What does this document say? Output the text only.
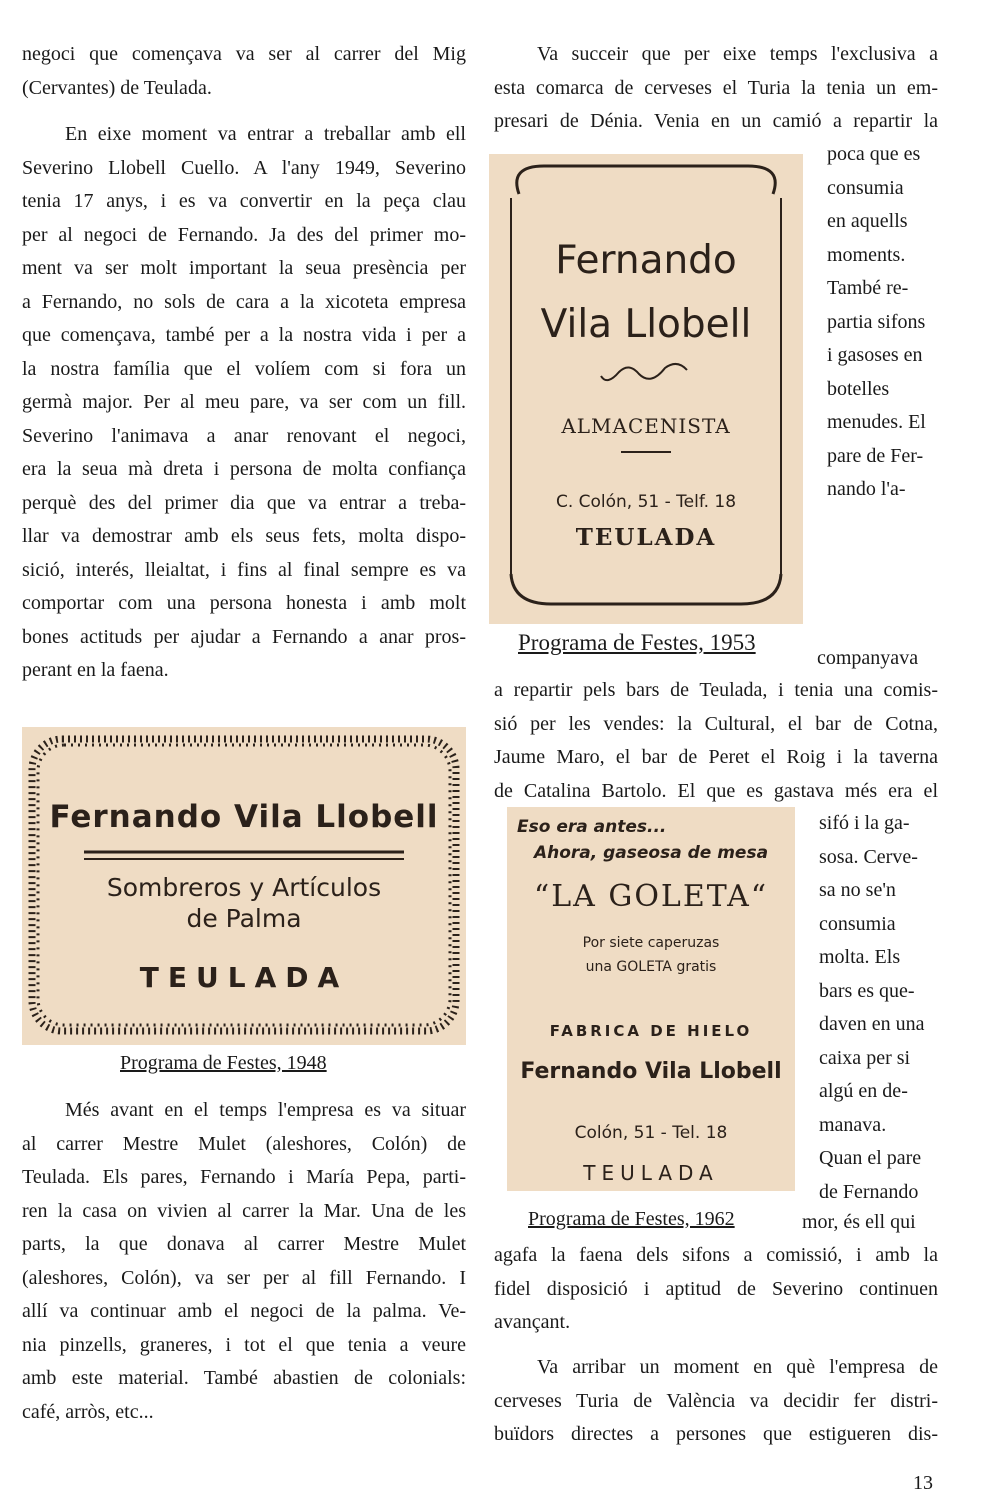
negoci que començava va ser al carrer del Mig
(Cervantes) de Teulada.
En eixe moment va entrar a treballar amb ell
Severino Llobell Cuello. A l'any 1949, Severino
tenia 17 anys, i es va convertir en la peça clau
per al negoci de Fernando. Ja des del primer mo-
ment va ser molt important la seua presència per
a Fernando, no sols de cara a la xicoteta empresa
que començava, també per a la nostra vida i per a
la nostra família que el volíem com si fora un
germà major. Per al meu pare, va ser com un fill.
Severino l'animava a anar renovant el negoci,
era la seua mà dreta i persona de molta confiança
perquè des del primer dia que va entrar a treba-
llar va demostrar amb els seus fets, molta dispo-
sició, interés, lleialtat, i fins al final sempre es va
comportar com una persona honesta i amb molt
bones actituds per ajudar a Fernando a anar pros-
perant en la faena.
Fernando Vila Llobell
Sombreros y Artículos
de Palma
TEULADA
Programa de Festes, 1948
Més avant en el temps l'empresa es va situar
al carrer Mestre Mulet (aleshores, Colón) de
Teulada. Els pares, Fernando i María Pepa, parti-
ren la casa on vivien al carrer la Mar. Una de les
parts, la que donava al carrer Mestre Mulet
(aleshores, Colón), va ser per al fill Fernando. I
allí va continuar amb el negoci de la palma. Ve-
nia pinzells, graneres, i tot el que tenia a veure
amb este material. També abastien de colonials:
café, arròs, etc...
Va succeir que per eixe temps l'exclusiva a
esta comarca de cerveses el Turia la tenia un em-
presari de Dénia. Venia en un camió a repartir la
Fernando
Vila Llobell
ALMACENISTA
C. Colón, 51 - Telf. 18
TEULADA
poca que es
consumia
en aquells
moments.
També re-
partia sifons
i gasoses en
botelles
menudes. El
pare de Fer-
nando l'a-
Programa de Festes, 1953
companyava
a repartir pels bars de Teulada, i tenia una comis-
sió per les vendes: la Cultural, el bar de Cotna,
Jaume Maro, el bar de Peret el Roig i la taverna
de Catalina Bartolo. El que es gastava més era el
Eso era antes...
Ahora, gaseosa de mesa
“LA GOLETA“
Por siete caperuzas
una GOLETA gratis
FABRICA DE HIELO
Fernando Vila Llobell
Colón, 51 - Tel. 18
TEULADA
sifó i la ga-
sosa. Cerve-
sa no se'n
consumia
molta. Els
bars es que-
daven en una
caixa per si
algú en de-
manava.
Quan el pare
de Fernando
Programa de Festes, 1962	mor, és ell qui
agafa la faena dels sifons a comissió, i amb la
fidel disposició i aptitud de Severino continuen
avançant.
Va arribar un moment en què l'empresa de
cerveses Turia de València va decidir fer distri-
buïdors directes a persones que estigueren dis-
13
